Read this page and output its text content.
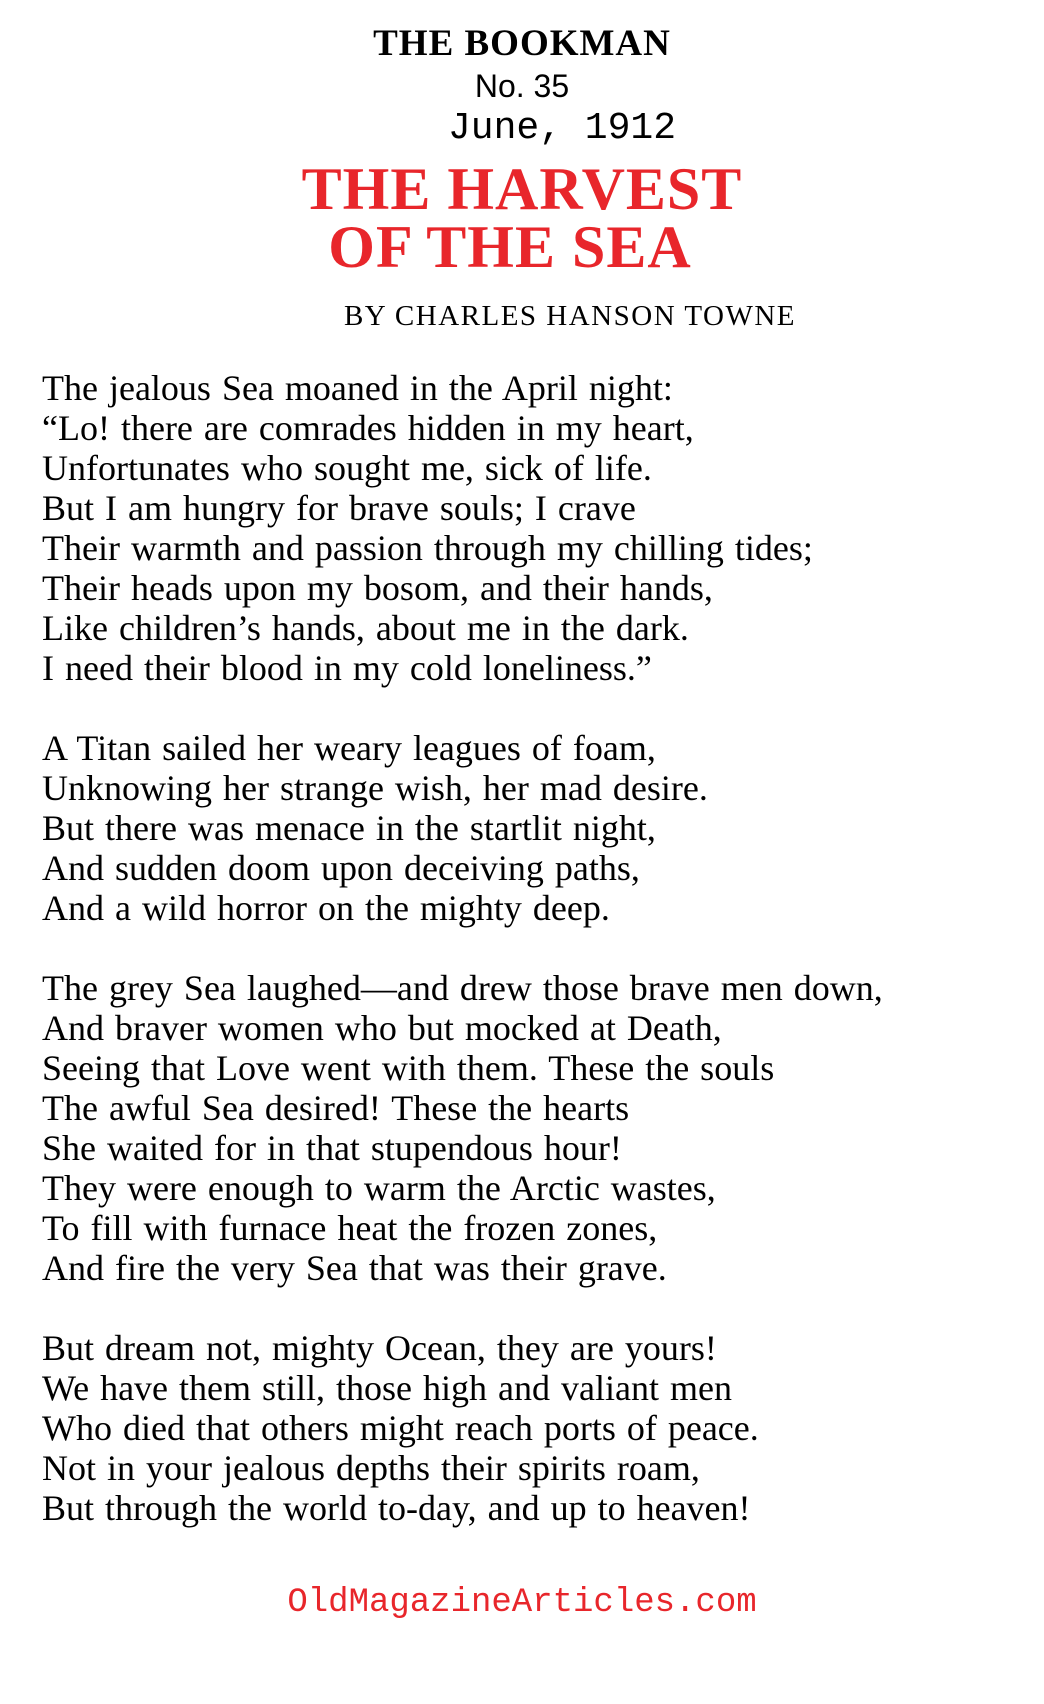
THE BOOKMAN
No. 35
June, 1912
THE HARVEST
OF THE SEA
BY CHARLES HANSON TOWNE
The jealous Sea moaned in the April night:
“Lo! there are comrades hidden in my heart,
Unfortunates who sought me, sick of life.
But I am hungry for brave souls; I crave
Their warmth and passion through my chilling tides;
Their heads upon my bosom, and their hands,
Like children’s hands, about me in the dark.
I need their blood in my cold loneliness.”
A Titan sailed her weary leagues of foam,
Unknowing her strange wish, her mad desire.
But there was menace in the startlit night,
And sudden doom upon deceiving paths,
And a wild horror on the mighty deep.
The grey Sea laughed—and drew those brave men down,
And braver women who but mocked at Death,
Seeing that Love went with them. These the souls
The awful Sea desired! These the hearts
She waited for in that stupendous hour!
They were enough to warm the Arctic wastes,
To fill with furnace heat the frozen zones,
And fire the very Sea that was their grave.
But dream not, mighty Ocean, they are yours!
We have them still, those high and valiant men
Who died that others might reach ports of peace.
Not in your jealous depths their spirits roam,
But through the world to-day, and up to heaven!
OldMagazineArticles.com
